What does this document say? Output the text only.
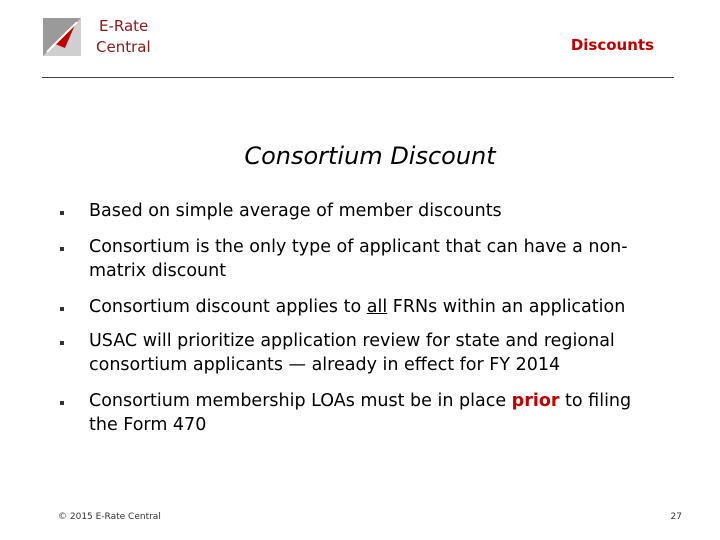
E-Rate
Central	Discounts
Consortium Discount
Based on simple average of member discounts
Consortium is the only type of applicant that can have a non-matrix discount
Consortium discount applies to all FRNs within an application
USAC will prioritize application review for state and regional consortium applicants — already in effect for FY 2014
Consortium membership LOAs must be in place prior to filing the Form 470
© 2015 E-Rate Central	27
